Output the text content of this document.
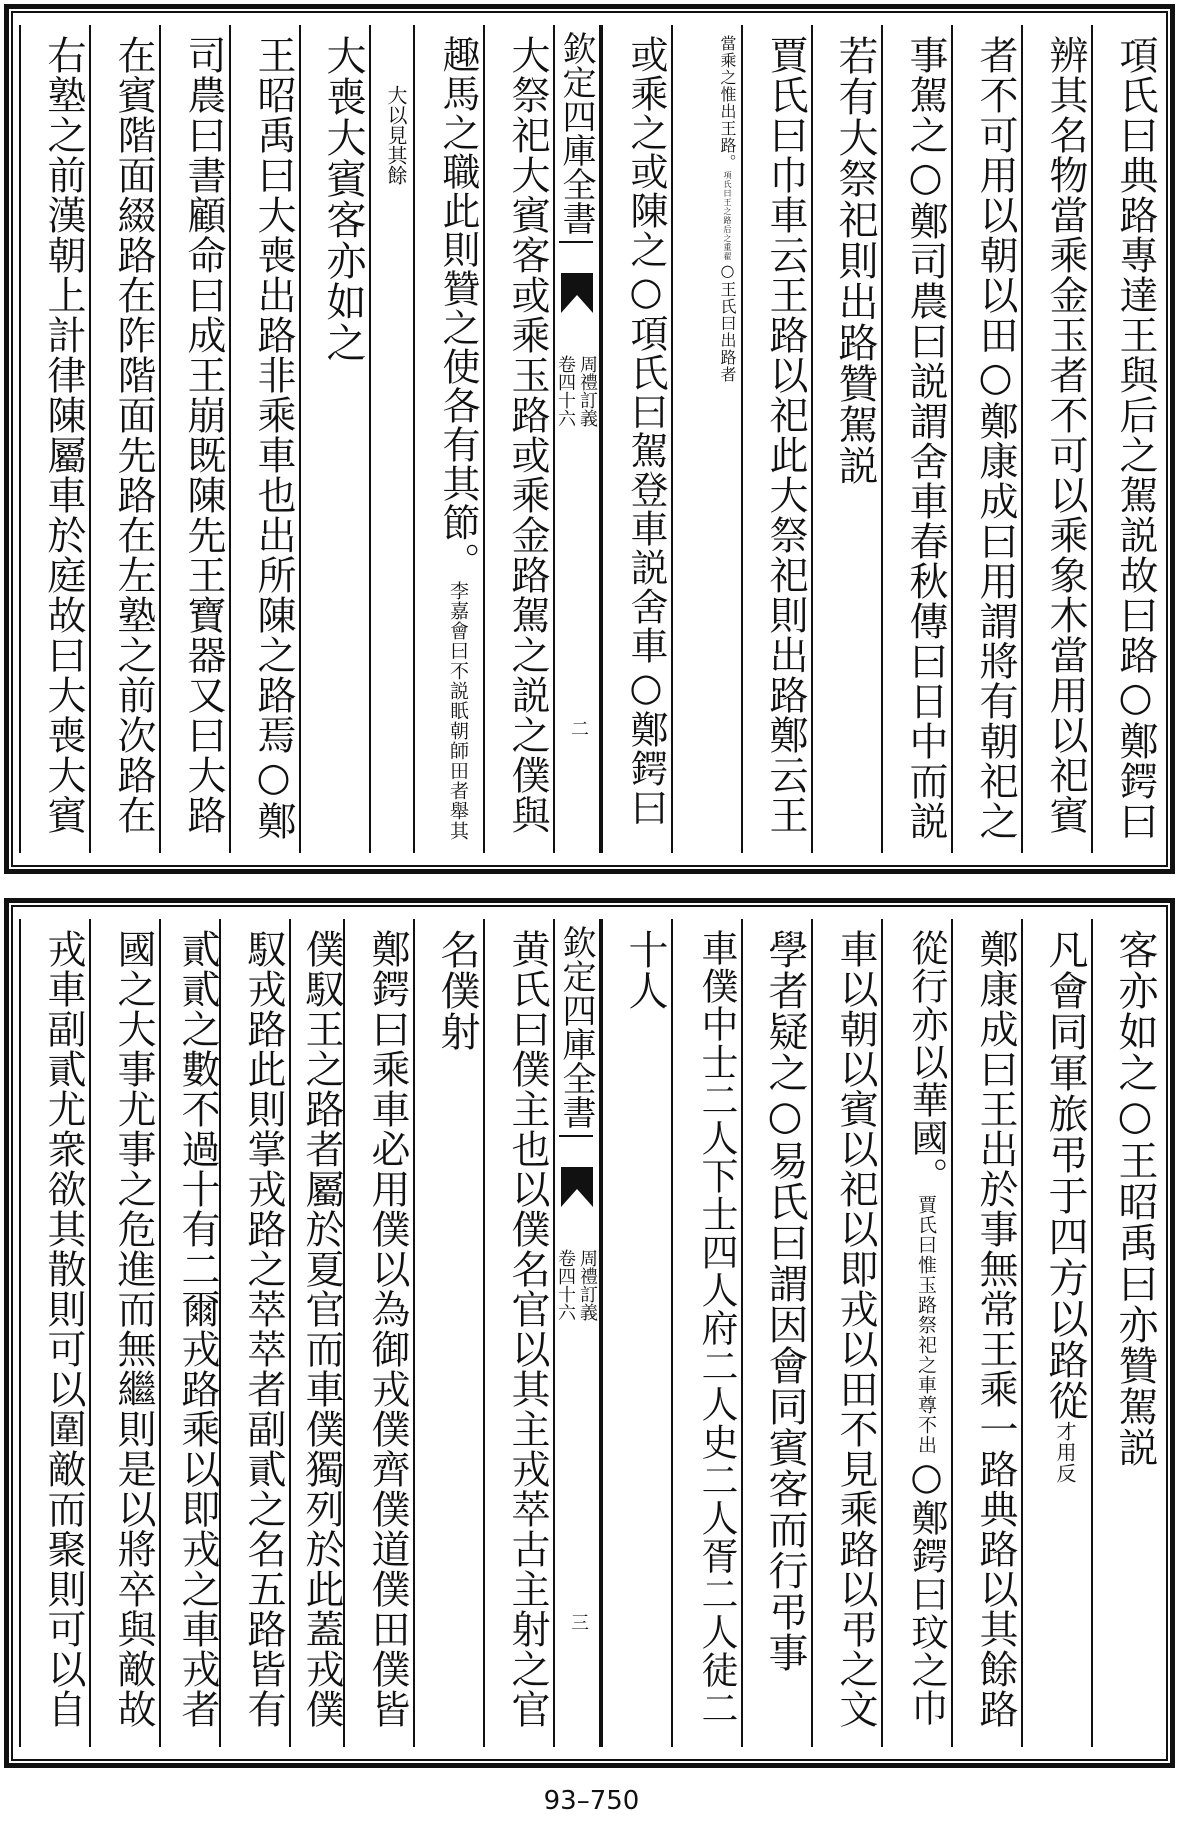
項氏曰典路專達王與后之駕説故曰路○鄭鍔曰
辨其名物當乘金玉者不可以乘象木當用以祀賓
者不可用以朝以田○鄭康成曰用謂將有朝祀之
事駕之○鄭司農曰説謂舍車春秋傳曰日中而説
若有大祭祀則出路贊駕説
賈氏曰巾車云王路以祀此大祭祀則出路鄭云王
當乘之惟出王路。項氏曰王之路后之重翟○王氏曰出路者
或乘之或陳之○項氏曰駕登車説舍車○鄭鍔曰
欽定四庫全書
周禮訂義
卷四十六
二
大祭祀大賓客或乘玉路或乘金路駕之説之僕與
趣馬之職此則贊之使各有其節。李嘉會曰不説眂朝師田者舉其
大以見其餘
大喪大賓客亦如之
王昭禹曰大喪出路非乘車也出所陳之路焉○鄭
司農曰書顧命曰成王崩既陳先王寶器又曰大路
在賓階面綴路在阼階面先路在左塾之前次路在
右塾之前漢朝上計律陳屬車於庭故曰大喪大賓
客亦如之○王昭禹曰亦贊駕説
凡會同軍旅弔于四方以路從才用反
鄭康成曰王出於事無常王乘一路典路以其餘路
從行亦以華國。賈氏曰惟玉路祭祀之車尊不出○鄭鍔曰玟之巾
車以朝以賓以祀以即戎以田不見乘路以弔之文
學者疑之○易氏曰謂因會同賓客而行弔事
車僕中士二人下士四人府二人史二人胥二人徒二
十人
欽定四庫全書
周禮訂義
卷四十六
三
黄氏曰僕主也以僕名官以其主戎萃古主射之官
名僕射
鄭鍔曰乘車必用僕以為御戎僕齊僕道僕田僕皆
僕馭王之路者屬於夏官而車僕獨列於此蓋戎僕
馭戎路此則掌戎路之萃萃者副貳之名五路皆有
貳貳之數不過十有二爾戎路乘以即戎之車戎者
國之大事尤事之危進而無繼則是以將卒與敵故
戎車副貳尤衆欲其散則可以圍敵而聚則可以自
93–750
